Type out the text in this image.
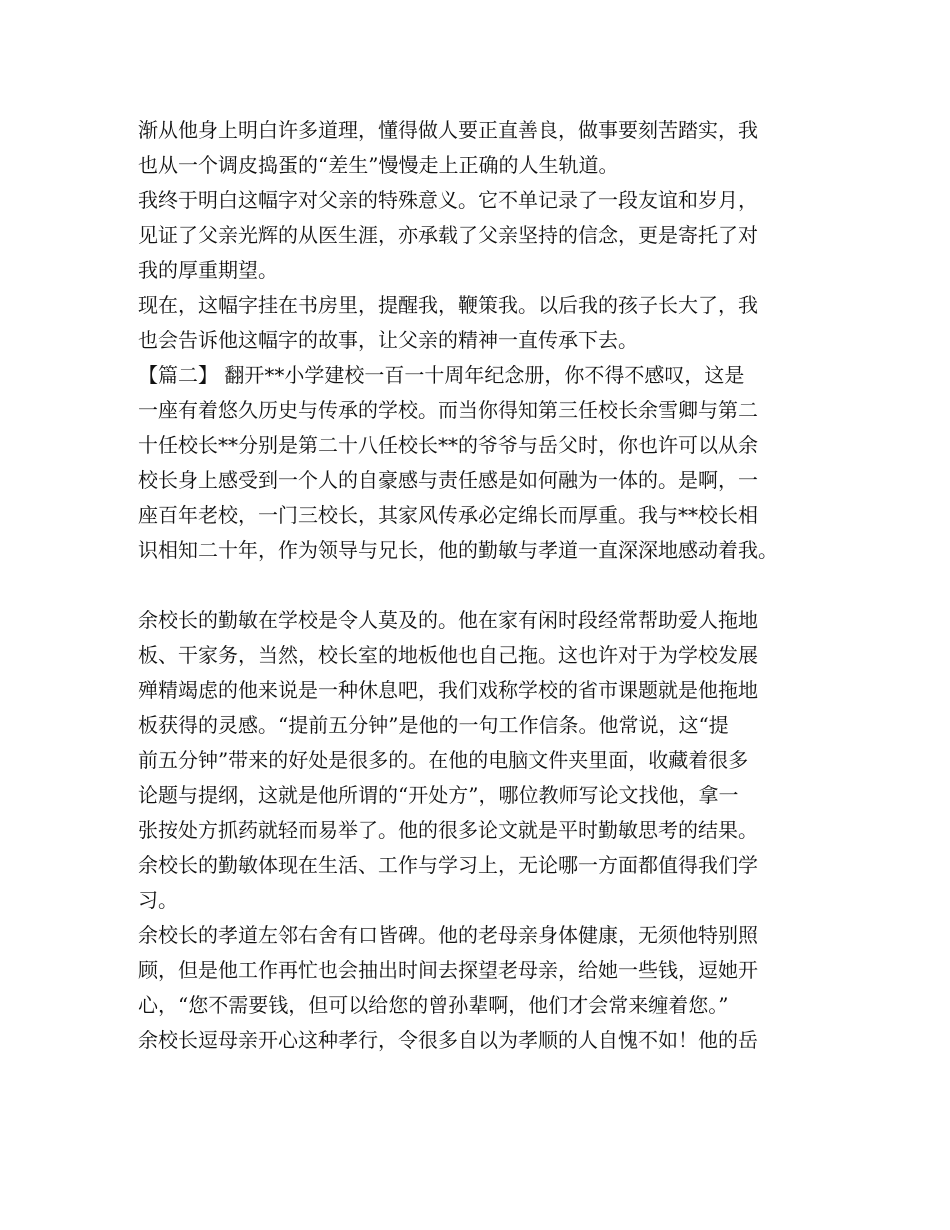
渐从他身上明白许多道理，懂得做人要正直善良，做事要刻苦踏实，我
也从一个调皮捣蛋的“差生”慢慢走上正确的人生轨道。
我终于明白这幅字对父亲的特殊意义。它不单记录了一段友谊和岁月，
见证了父亲光辉的从医生涯，亦承载了父亲坚持的信念，更是寄托了对
我的厚重期望。
现在，这幅字挂在书房里，提醒我，鞭策我。以后我的孩子长大了，我
也会告诉他这幅字的故事，让父亲的精神一直传承下去。
【篇二】 翻开**小学建校一百一十周年纪念册，你不得不感叹，这是
一座有着悠久历史与传承的学校。而当你得知第三任校长余雪卿与第二
十任校长**分别是第二十八任校长**的爷爷与岳父时，你也许可以从余
校长身上感受到一个人的自豪感与责任感是如何融为一体的。是啊，一
座百年老校，一门三校长，其家风传承必定绵长而厚重。我与**校长相
识相知二十年，作为领导与兄长，他的勤敏与孝道一直深深地感动着我。
余校长的勤敏在学校是令人莫及的。他在家有闲时段经常帮助爱人拖地
板、干家务，当然，校长室的地板他也自己拖。这也许对于为学校发展
殚精竭虑的他来说是一种休息吧，我们戏称学校的省市课题就是他拖地
板获得的灵感。“提前五分钟”是他的一句工作信条。他常说，这“提
前五分钟”带来的好处是很多的。在他的电脑文件夹里面，收藏着很多
论题与提纲，这就是他所谓的“开处方”，哪位教师写论文找他，拿一
张按处方抓药就轻而易举了。他的很多论文就是平时勤敏思考的结果。
余校长的勤敏体现在生活、工作与学习上，无论哪一方面都值得我们学
习。
余校长的孝道左邻右舍有口皆碑。他的老母亲身体健康，无须他特别照
顾，但是他工作再忙也会抽出时间去探望老母亲，给她一些钱，逗她开
心，“您不需要钱，但可以给您的曾孙辈啊，他们才会常来缠着您。”
余校长逗母亲开心这种孝行，令很多自以为孝顺的人自愧不如！他的岳
